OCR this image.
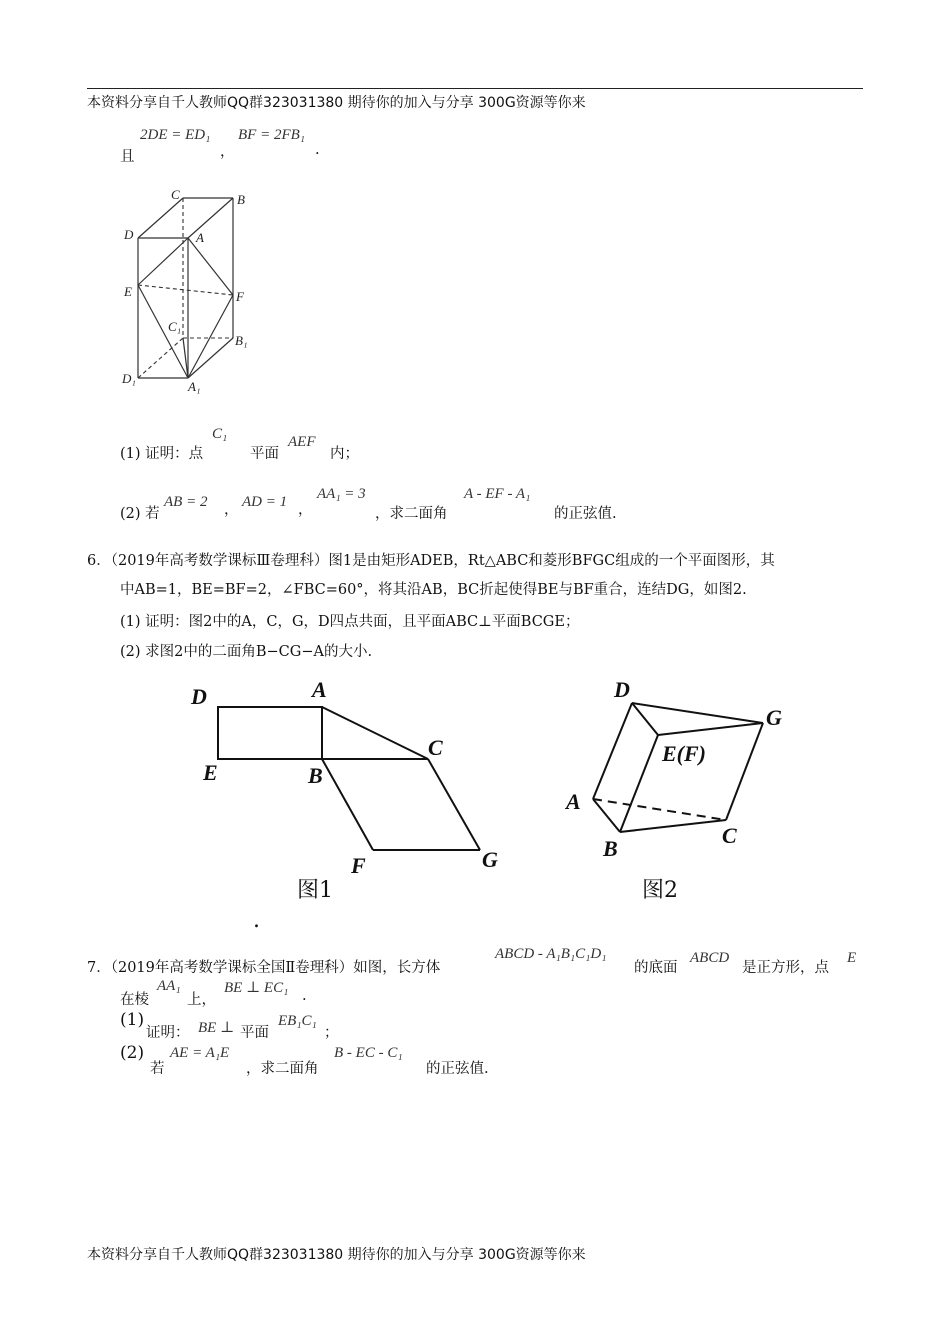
本资料分享自千人教师QQ群323031380 期待你的加入与分享 300G资源等你来
且
2DE = ED₁
，
BF = 2FB₁
.
C	B
D	A
E	F
C₁
B₁
D₁
A₁
(1) 证明：点
C₁
平面
AEF
内；
(2) 若
AB = 2 ， AD = 1 ，
AA₁ = 3
，求二面角
A - EF - A₁
的正弦值.
6．（2019年高考数学课标Ⅲ卷理科）图1是由矩形ADEB，Rt△ABC和菱形BFGC组成的一个平面图形，其
中AB=1，BE=BF=2，∠FBC=60°，将其沿AB，BC折起使得BE与BF重合，连结DG，如图2.
(1) 证明：图2中的A，C，G，D四点共面，且平面ABC⊥平面BCGE；
(2) 求图2中的二面角B−CG−A的大小.
D	A
C
E	B
F	G
图1
.
D
G
E(F)
A
B
C
图2
7．（2019年高考数学课标全国Ⅱ卷理科）如图，长方体
ABCD - A₁B₁C₁D₁
的底面
ABCD
是正方形，点
E
在棱
AA₁
上，
BE ⊥ EC₁ .
(1)
证明： BE ⊥ 平面
EB₁C₁
；
(2)
若
AE = A₁E
，求二面角
B - EC - C₁
的正弦值.
本资料分享自千人教师QQ群323031380 期待你的加入与分享 300G资源等你来
